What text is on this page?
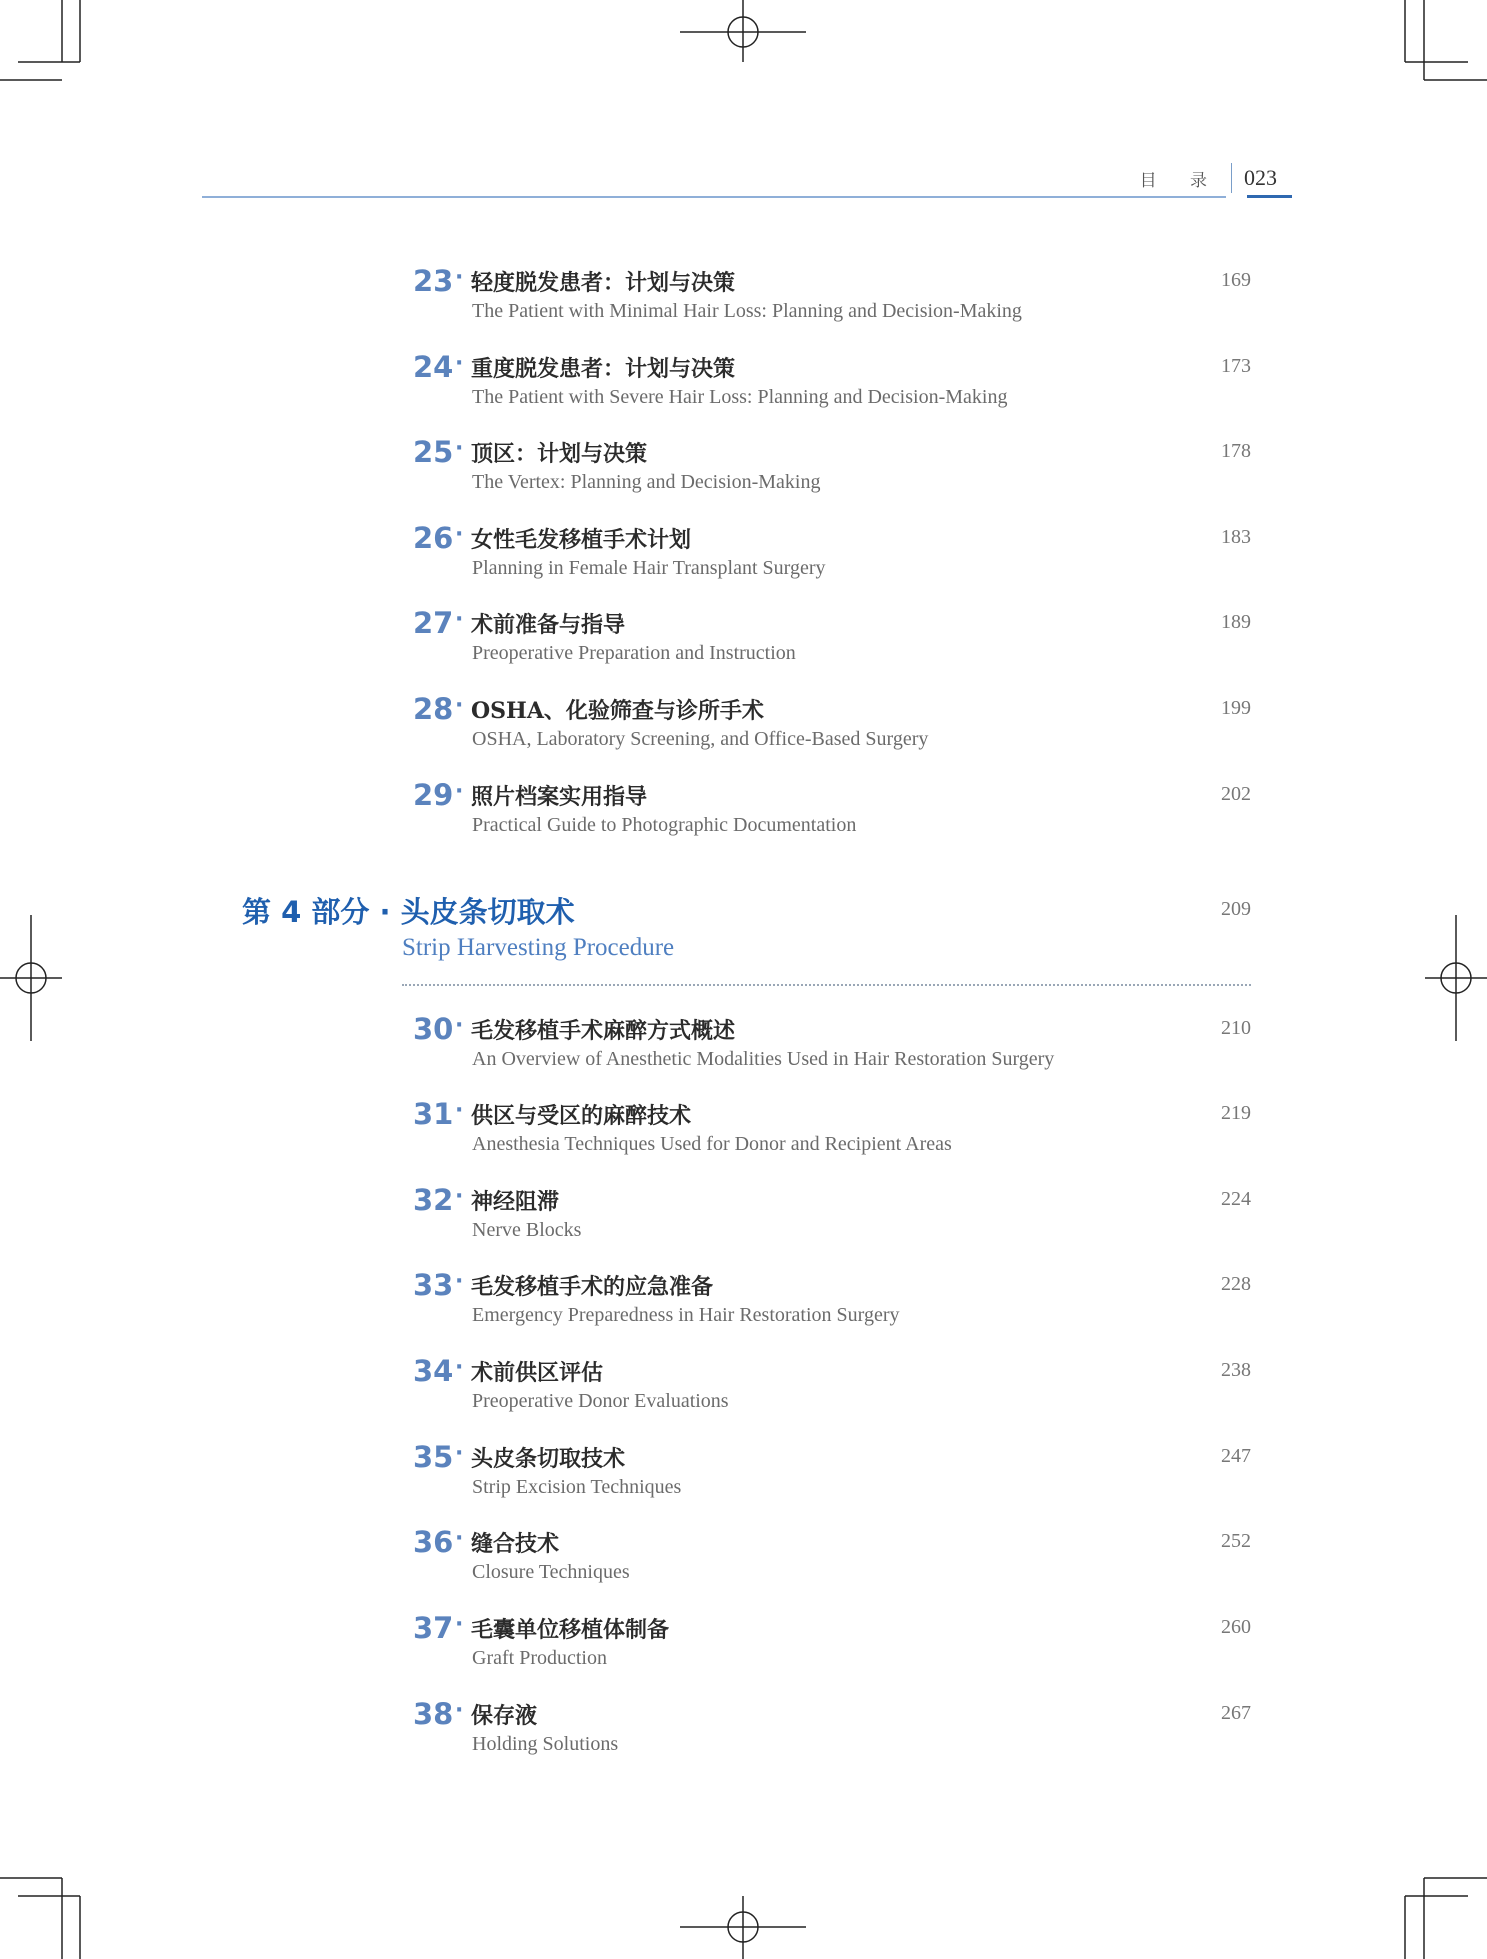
目 录	023
23 · 轻度脱发患者：计划与决策
The Patient with Minimal Hair Loss: Planning and Decision-Making
169
24 · 重度脱发患者：计划与决策
The Patient with Severe Hair Loss: Planning and Decision-Making
173
25 · 顶区：计划与决策
The Vertex: Planning and Decision-Making
178
26 · 女性毛发移植手术计划
Planning in Female Hair Transplant Surgery
183
27 · 术前准备与指导
Preoperative Preparation and Instruction
189
28 · OSHA、化验筛查与诊所手术
OSHA, Laboratory Screening, and Office-Based Surgery
199
29 · 照片档案实用指导
Practical Guide to Photographic Documentation
202
第 4 部分 · 头皮条切取术
Strip Harvesting Procedure
209
30 · 毛发移植手术麻醉方式概述
An Overview of Anesthetic Modalities Used in Hair Restoration Surgery
210
31 · 供区与受区的麻醉技术
Anesthesia Techniques Used for Donor and Recipient Areas
219
32 · 神经阻滞
Nerve Blocks
224
33 · 毛发移植手术的应急准备
Emergency Preparedness in Hair Restoration Surgery
228
34 · 术前供区评估
Preoperative Donor Evaluations
238
35 · 头皮条切取技术
Strip Excision Techniques
247
36 · 缝合技术
Closure Techniques
252
37 · 毛囊单位移植体制备
Graft Production
260
38 · 保存液
Holding Solutions
267
